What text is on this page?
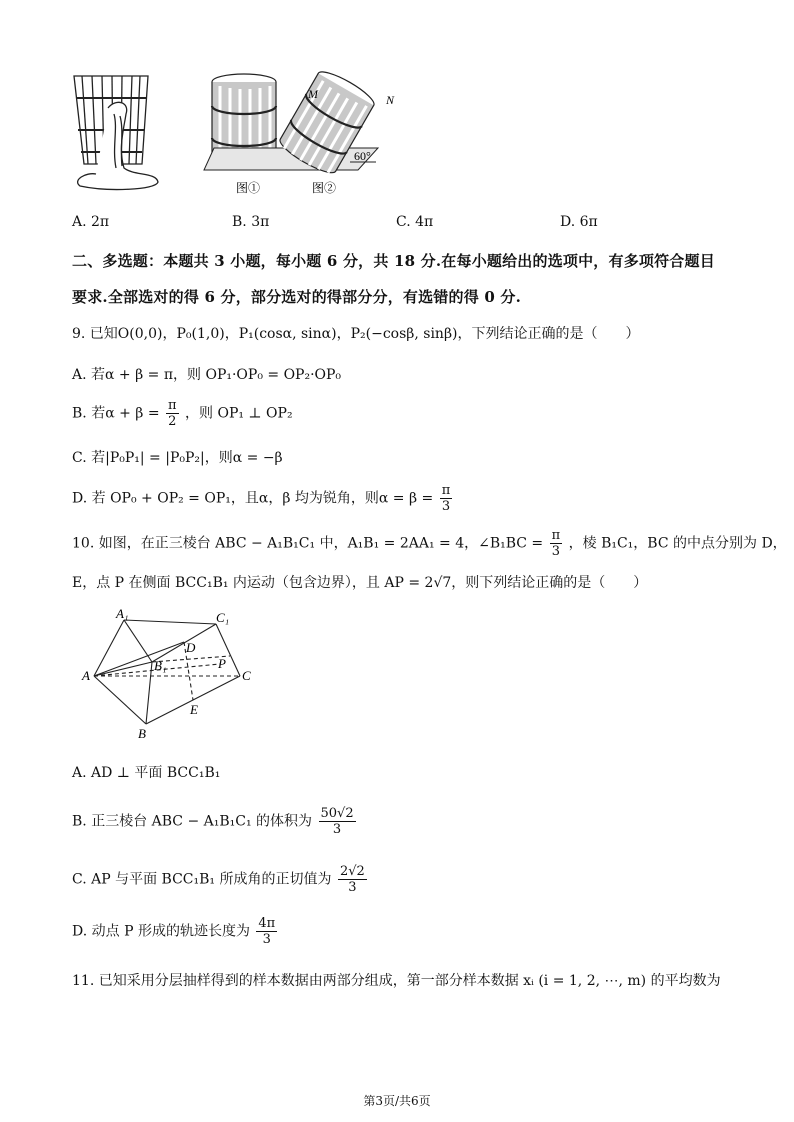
M	N
60°
图①	图②
A. 2π	B. 3π	C. 4π	D. 6π
二、多选题：本题共 3 小题，每小题 6 分，共 18 分.在每小题给出的选项中，有多项符合题目
要求.全部选对的得 6 分，部分选对的得部分分，有选错的得 0 分.
9. 已知O(0,0)，P₀(1,0)，P₁(cosα, sinα)，P₂(−cosβ, sinβ)，下列结论正确的是（　　）
A. 若α + β = π，则 OP₁·OP₀ = OP₂·OP₀
B. 若$\alpha + \beta = \frac{\pi}{2}$ ，则 OP₁ ⊥ OP₂
C. 若|P₀P₁| = |P₀P₂|，则α = −β
D. 若 OP₀ + OP₂ = OP₁，且α，β 均为锐角，则$\alpha = \beta = \frac{\pi}{3}$
10. 如图，在正三棱台 ABC − A₁B₁C₁ 中，A₁B₁ = 2AA₁ = 4，∠B₁BC = $\frac{\pi}{3}$ ，棱 B₁C₁，BC 的中点分别为 D，
E，点 P 在侧面 BCC₁B₁ 内运动（包含边界），且 AP = 2√7，则下列结论正确的是（　　）
A₁	C₁
D
B₁	P
A	C
E
B
A. AD ⊥ 平面 BCC₁B₁
B. 正三棱台 ABC − A₁B₁C₁ 的体积为 $\frac{50√2}{3}$
C. AP 与平面 BCC₁B₁ 所成角的正切值为 $\frac{2√2}{3}$
D. 动点 P 形成的轨迹长度为 $\frac{4\pi}{3}$
11. 已知采用分层抽样得到的样本数据由两部分组成，第一部分样本数据 xᵢ (i = 1, 2, ⋯, m) 的平均数为
第3页/共6页
